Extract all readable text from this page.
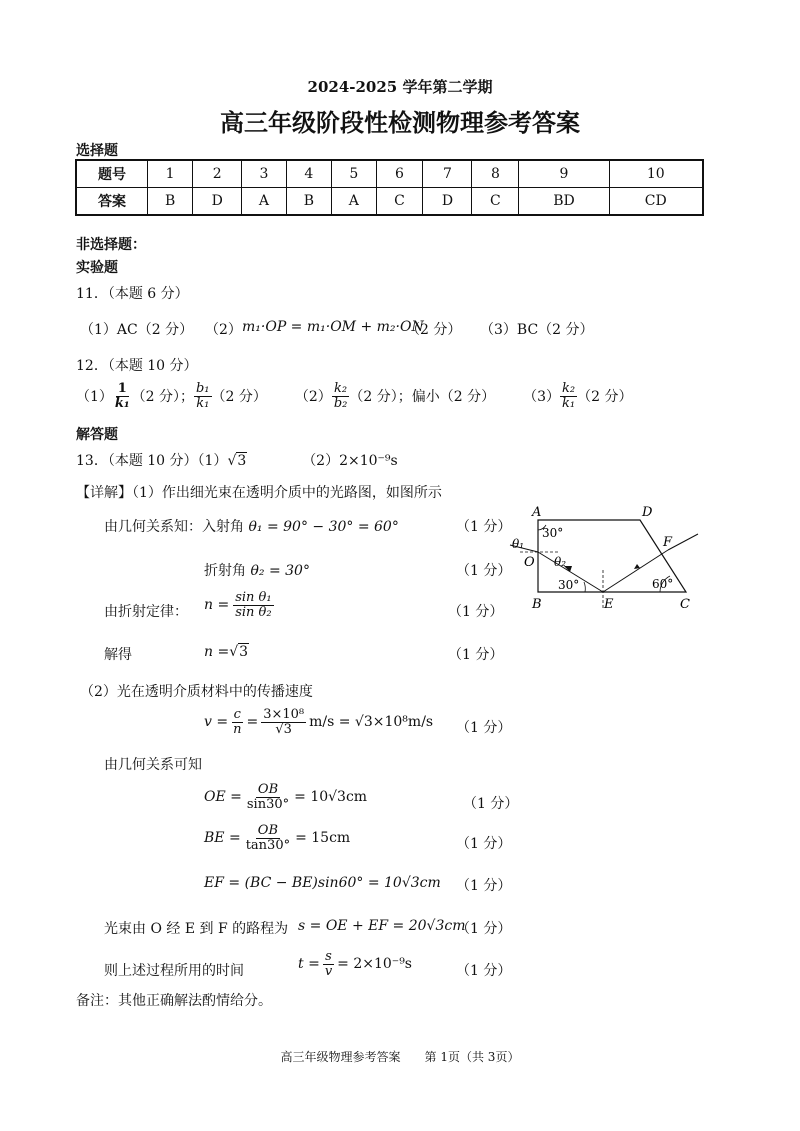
2024-2025 学年第二学期
高三年级阶段性检测物理参考答案
选择题
题号	1	2	3	4	5	6	7	8	9	10
答案	B	D	A	B	A	C	D	C	BD	CD
非选择题：
实验题
11．（本题 6 分）
（1）AC（2 分） （2） m₁·OP = m₁·OM + m₂·ON
（2 分） （3）BC（2 分）
12．（本题 10 分）
$(1) \frac{1}{\text{k₁}} (2$ 分）； $\frac{\text{b₁}}{\text{k₁}} (2$ 分） $(2) \frac{\text{k₂}}{\text{b₂}} (2$ 分）；偏小（2 分） $(3) \frac{\text{k₂}}{\text{k₁}} (2$ 分）
解答题
13．（本题 10 分）（1）√3	（2）2×10⁻⁹s
【详解】（1）作出细光束在透明介质中的光路图，如图所示
由几何关系知：入射角 θ₁ = 90° − 30° = 60°	（1 分）
折射角 θ₂ = 30°	（1 分）
由折射定律： $n = \frac{\text{sin θ₁}}{\text{sin θ₂}}$	（1 分）
解得	n =√3	（1 分）
（2）光在透明介质材料中的传播速度
$v = \frac{c}{n} = \frac{\text{3×10⁸}}{√3} m/s = √3\times 10^8m/s$ （1 分）
由几何关系可知
OE = $\frac{OB}{\sin 30^\circ} = 10√3cm$	（1 分）
BE = $\frac{OB}{\tan 30^\circ} = 15cm$	（1 分）
EF = (BC − BE)sin60° = 10√3cm （1 分）
光束由 O 经 E 到 F 的路程为 s = OE + EF = 20√3cm
（1 分）
则上述过程所用的时间	$t = \frac{s}{v} = 2\times 10^{-9}s$	（1 分）
备注：其他正确解法酌情给分。
高三年级物理参考答案　　第 1页（共 3页）
A	D
B	C
E
F
O
θ₁
θ₂
30°
30°	60°
